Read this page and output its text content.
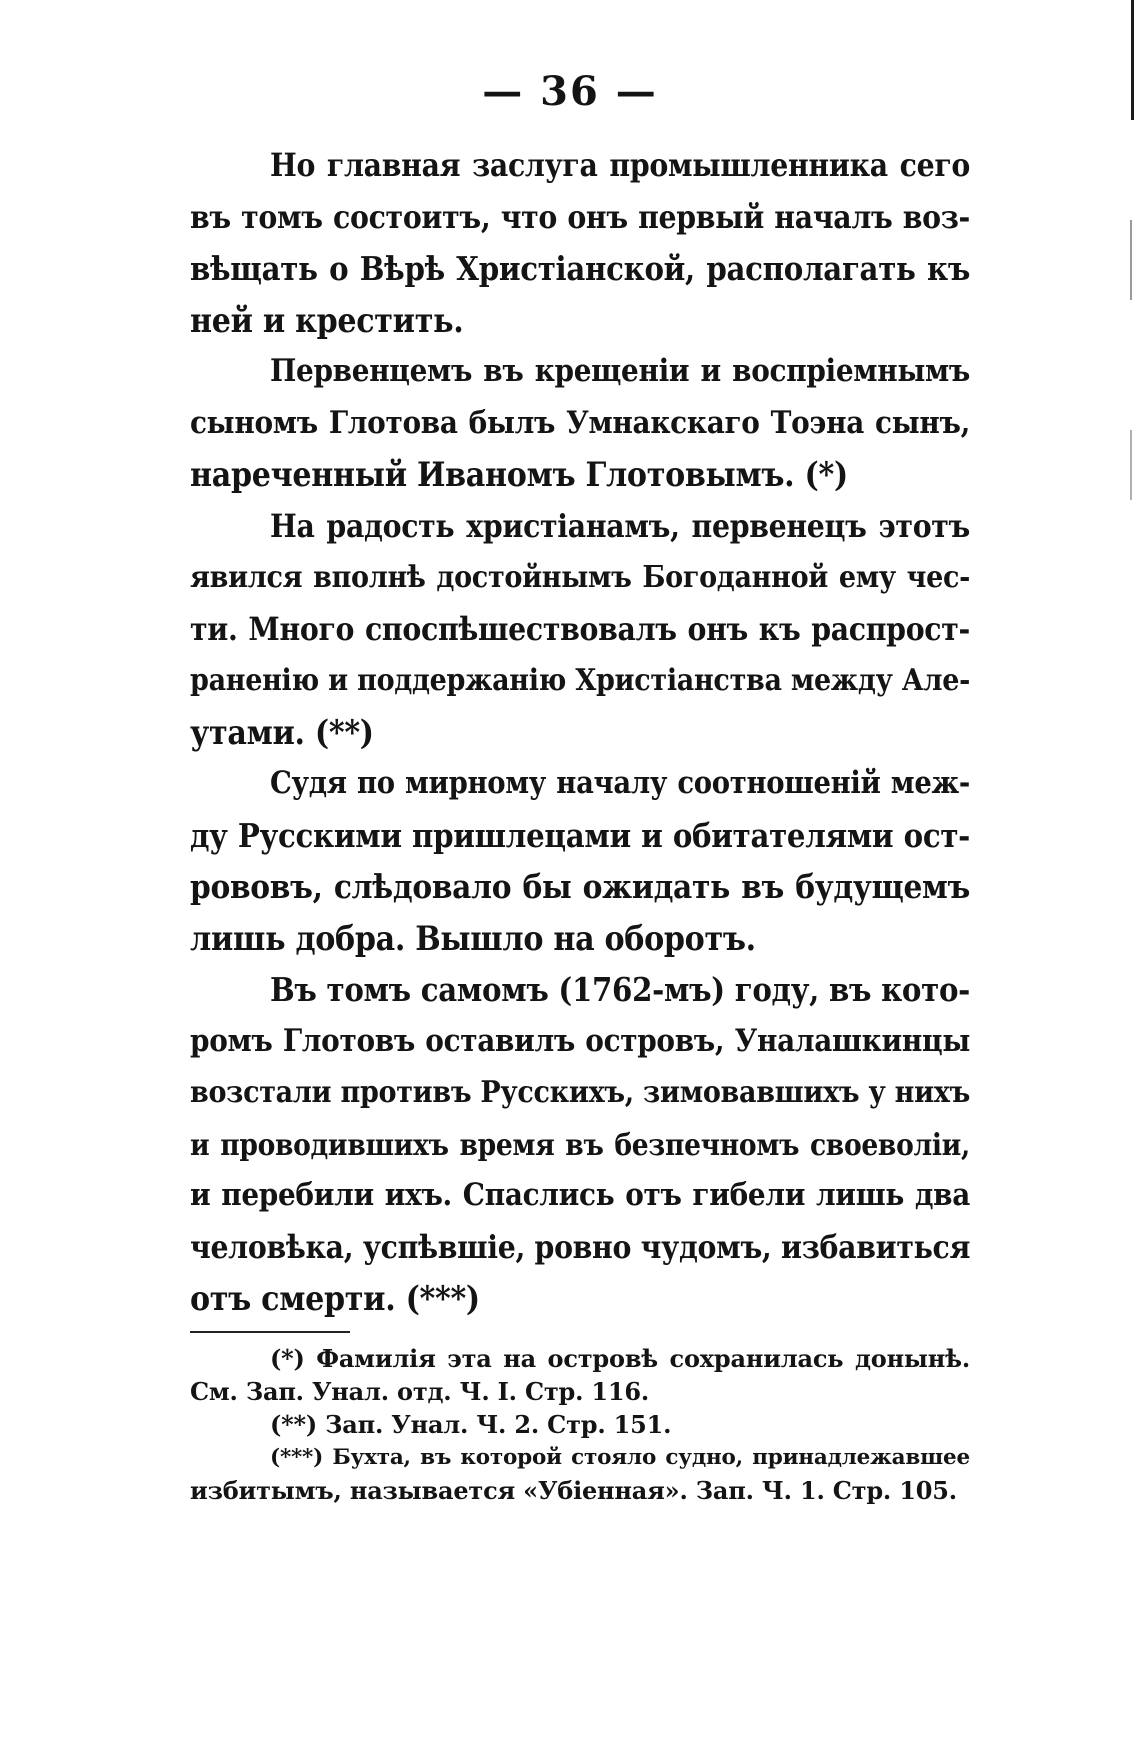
— 36 —
Но главная заслуга промышленника сего
въ томъ состоитъ, что онъ первый началъ воз-
вѣщать о Вѣрѣ Христіанской, располагать къ
ней и крестить.
Первенцемъ въ крещеніи и воспріемнымъ
сыномъ Глотова былъ Умнакскаго Тоэна сынъ,
нареченный Иваномъ Глотовымъ. (*)
На радость христіанамъ, первенецъ этотъ
явился вполнѣ достойнымъ Богоданной ему чес-
ти. Много споспѣшествовалъ онъ къ распрост-
раненію и поддержанію Христіанства между Але-
утами. (**)
Судя по мирному началу соотношеній меж-
ду Русскими пришлецами и обитателями ост-
рововъ, слѣдовало бы ожидать въ будущемъ
лишь добра. Вышло на оборотъ.
Въ томъ самомъ (1762-мъ) году, въ кото-
ромъ Глотовъ оставилъ островъ, Уналашкинцы
возстали противъ Русскихъ, зимовавшихъ у нихъ
и проводившихъ время въ безпечномъ своеволіи,
и перебили ихъ. Спаслись отъ гибели лишь два
человѣка, успѣвшіе, ровно чудомъ, избавиться
отъ смерти. (***)
(*) Фамилія эта на островѣ сохранилась донынѣ.
См. Зап. Унал. отд. Ч. I. Стр. 116.
(**) Зап. Унал. Ч. 2. Стр. 151.
(***) Бухта, въ которой стояло судно, принадлежавшее
избитымъ, называется «Убіенная». Зап. Ч. 1. Стр. 105.
